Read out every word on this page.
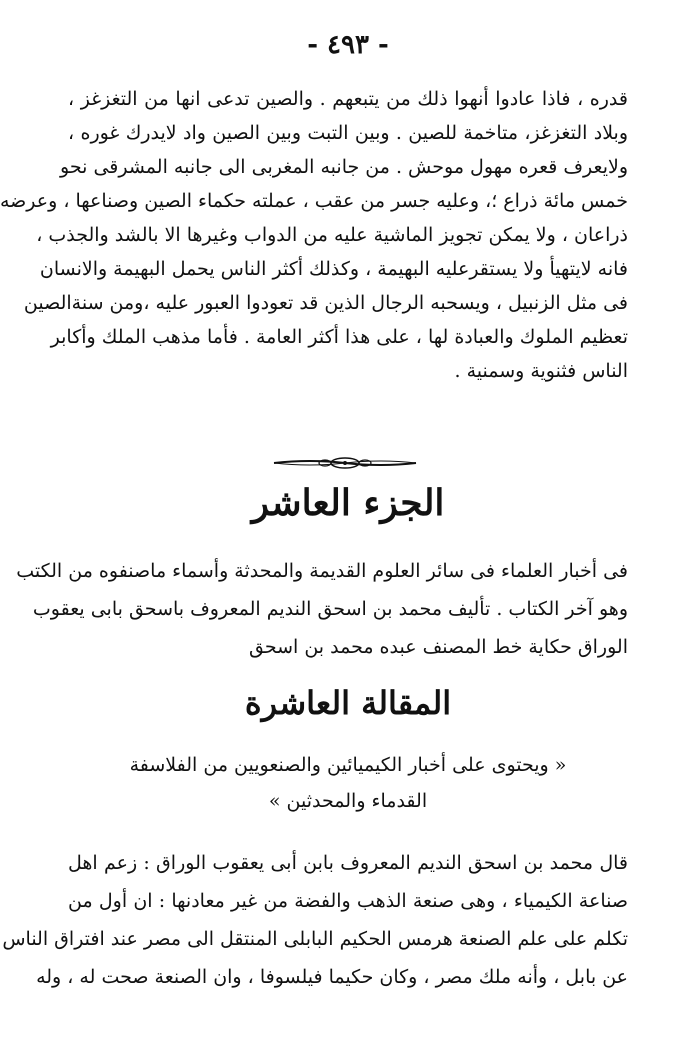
- ٤٩٣ -
قدره ، فاذا عادوا أنهوا ذلك من يتبعهم . والصين تدعى انها من التغزغز ،
وبلاد التغزغز، متاخمة للصين . وبين التبت وبين الصين واد لايدرك غوره ،
ولايعرف قعره مهول موحش . من جانبه المغربى الى جانبه المشرقى نحو
خمس مائة ذراع ؛، وعليه جسر من عقب ، عملته حكماء الصين وصناعها ، وعرضه
ذراعان ، ولا يمكن تجويز الماشية عليه من الدواب وغيرها الا بالشد والجذب ،
فانه لايتهيأ ولا يستقرعليه البهيمة ، وكذلك أكثر الناس يحمل البهيمة والانسان
فى مثل الزنبيل ، ويسحبه الرجال الذين قد تعودوا العبور عليه ،ومن سنةالصين
تعظيم الملوك والعبادة لها ، على هذا أكثر العامة . فأما مذهب الملك وأكابر
الناس فثنوية وسمنية .
الجزء العاشر
فى أخبار العلماء فى سائر العلوم القديمة والمحدثة وأسماء ماصنفوه من الكتب
وهو آخر الكتاب . تأليف محمد بن اسحق النديم المعروف باسحق بابى يعقوب
الوراق حكاية خط المصنف عبده محمد بن اسحق
المقالة العاشرة
« ويحتوى على أخبار الكيميائين والصنعويين من الفلاسفة
القدماء والمحدثين »
قال محمد بن اسحق النديم المعروف بابن أبى يعقوب الوراق : زعم اهل
صناعة الكيمياء ، وهى صنعة الذهب والفضة من غير معادنها : ان أول من
تكلم على علم الصنعة هرمس الحكيم البابلى المنتقل الى مصر عند افتراق الناس
عن بابل ، وأنه ملك مصر ، وكان حكيما فيلسوفا ، وان الصنعة صحت له ، وله
